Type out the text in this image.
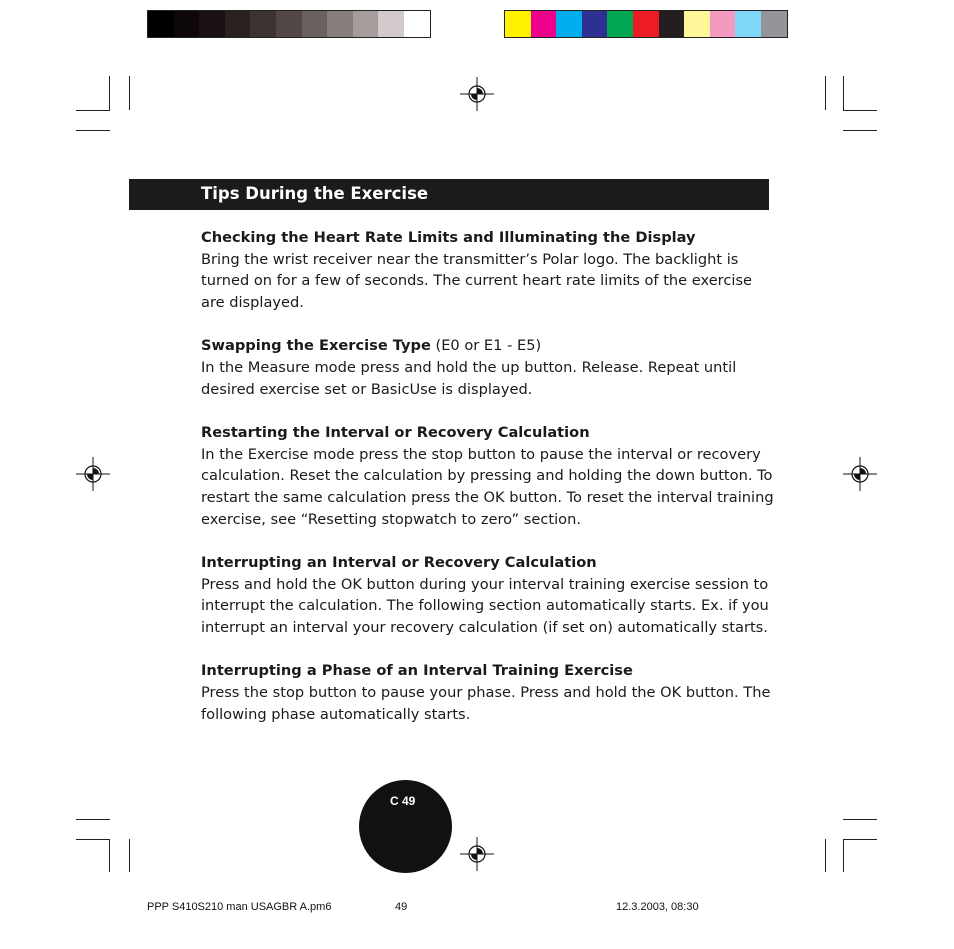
Tips During the Exercise
Checking the Heart Rate Limits and Illuminating the Display

Bring the wrist receiver near the transmitter’s Polar logo. The backlight is turned on for a few of seconds. The current heart rate limits of the exercise are displayed.

Swapping the Exercise Type (E0 or E1 - E5)

In the Measure mode press and hold the up button. Release. Repeat until desired exercise set or BasicUse is displayed.

Restarting the Interval or Recovery Calculation

In the Exercise mode press the stop button to pause the interval or recovery calculation. Reset the calculation by pressing and holding the down button. To restart the same calculation press the OK button. To reset the interval training exercise, see “Resetting stopwatch to zero” section.

Interrupting an Interval or Recovery Calculation

Press and hold the OK button during your interval training exercise session to interrupt the calculation. The following section automatically starts. Ex. if you interrupt an interval your recovery calculation (if set on) automatically starts.

Interrupting a Phase of an Interval Training Exercise

Press the stop button to pause your phase. Press and hold the OK button. The following phase automatically starts.

C 49
PPP S410S210 man USAGBR A.pm6	49	12.3.2003, 08:30
